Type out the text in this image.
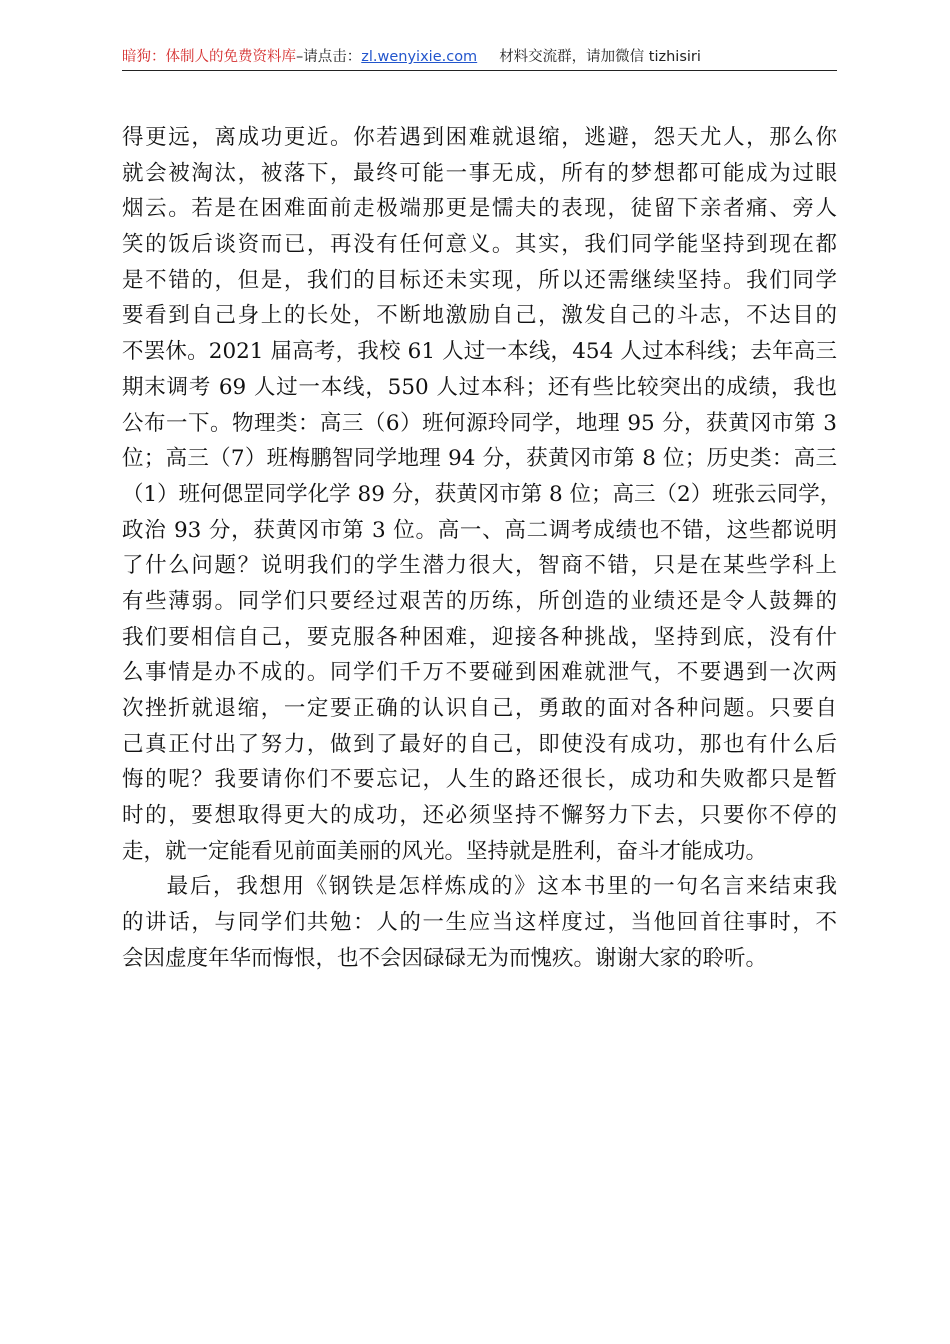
暗狗：体制人的免费资料库–请点击：zl.wenyixie.com 材料交流群，请加微信 tizhisiri
得更远，离成功更近。你若遇到困难就退缩，逃避，怨天尤人，那么你
就会被淘汰，被落下，最终可能一事无成，所有的梦想都可能成为过眼
烟云。若是在困难面前走极端那更是懦夫的表现，徒留下亲者痛、旁人
笑的饭后谈资而已，再没有任何意义。其实，我们同学能坚持到现在都
是不错的，但是，我们的目标还未实现，所以还需继续坚持。我们同学
要看到自己身上的长处，不断地激励自己，激发自己的斗志，不达目的
不罢休。2021 届高考，我校 61 人过一本线，454 人过本科线；去年高三
期末调考 69 人过一本线，550 人过本科；还有些比较突出的成绩，我也
公布一下。物理类：高三（6）班何源玲同学，地理 95 分，获黄冈市第 3
位；高三（7）班梅鹏智同学地理 94 分，获黄冈市第 8 位；历史类：高三
（1）班何偲罡同学化学 89 分，获黄冈市第 8 位；高三（2）班张云同学，
政治 93 分，获黄冈市第 3 位。高一、高二调考成绩也不错，这些都说明
了什么问题？说明我们的学生潜力很大，智商不错，只是在某些学科上
有些薄弱。同学们只要经过艰苦的历练，所创造的业绩还是令人鼓舞的
我们要相信自己，要克服各种困难，迎接各种挑战，坚持到底，没有什
么事情是办不成的。同学们千万不要碰到困难就泄气，不要遇到一次两
次挫折就退缩，一定要正确的认识自己，勇敢的面对各种问题。只要自
己真正付出了努力，做到了最好的自己，即使没有成功，那也有什么后
悔的呢？我要请你们不要忘记，人生的路还很长，成功和失败都只是暂
时的，要想取得更大的成功，还必须坚持不懈努力下去，只要你不停的
走，就一定能看见前面美丽的风光。坚持就是胜利，奋斗才能成功。
最后，我想用《钢铁是怎样炼成的》这本书里的一句名言来结束我
的讲话，与同学们共勉：人的一生应当这样度过，当他回首往事时，不
会因虚度年华而悔恨，也不会因碌碌无为而愧疚。谢谢大家的聆听。
